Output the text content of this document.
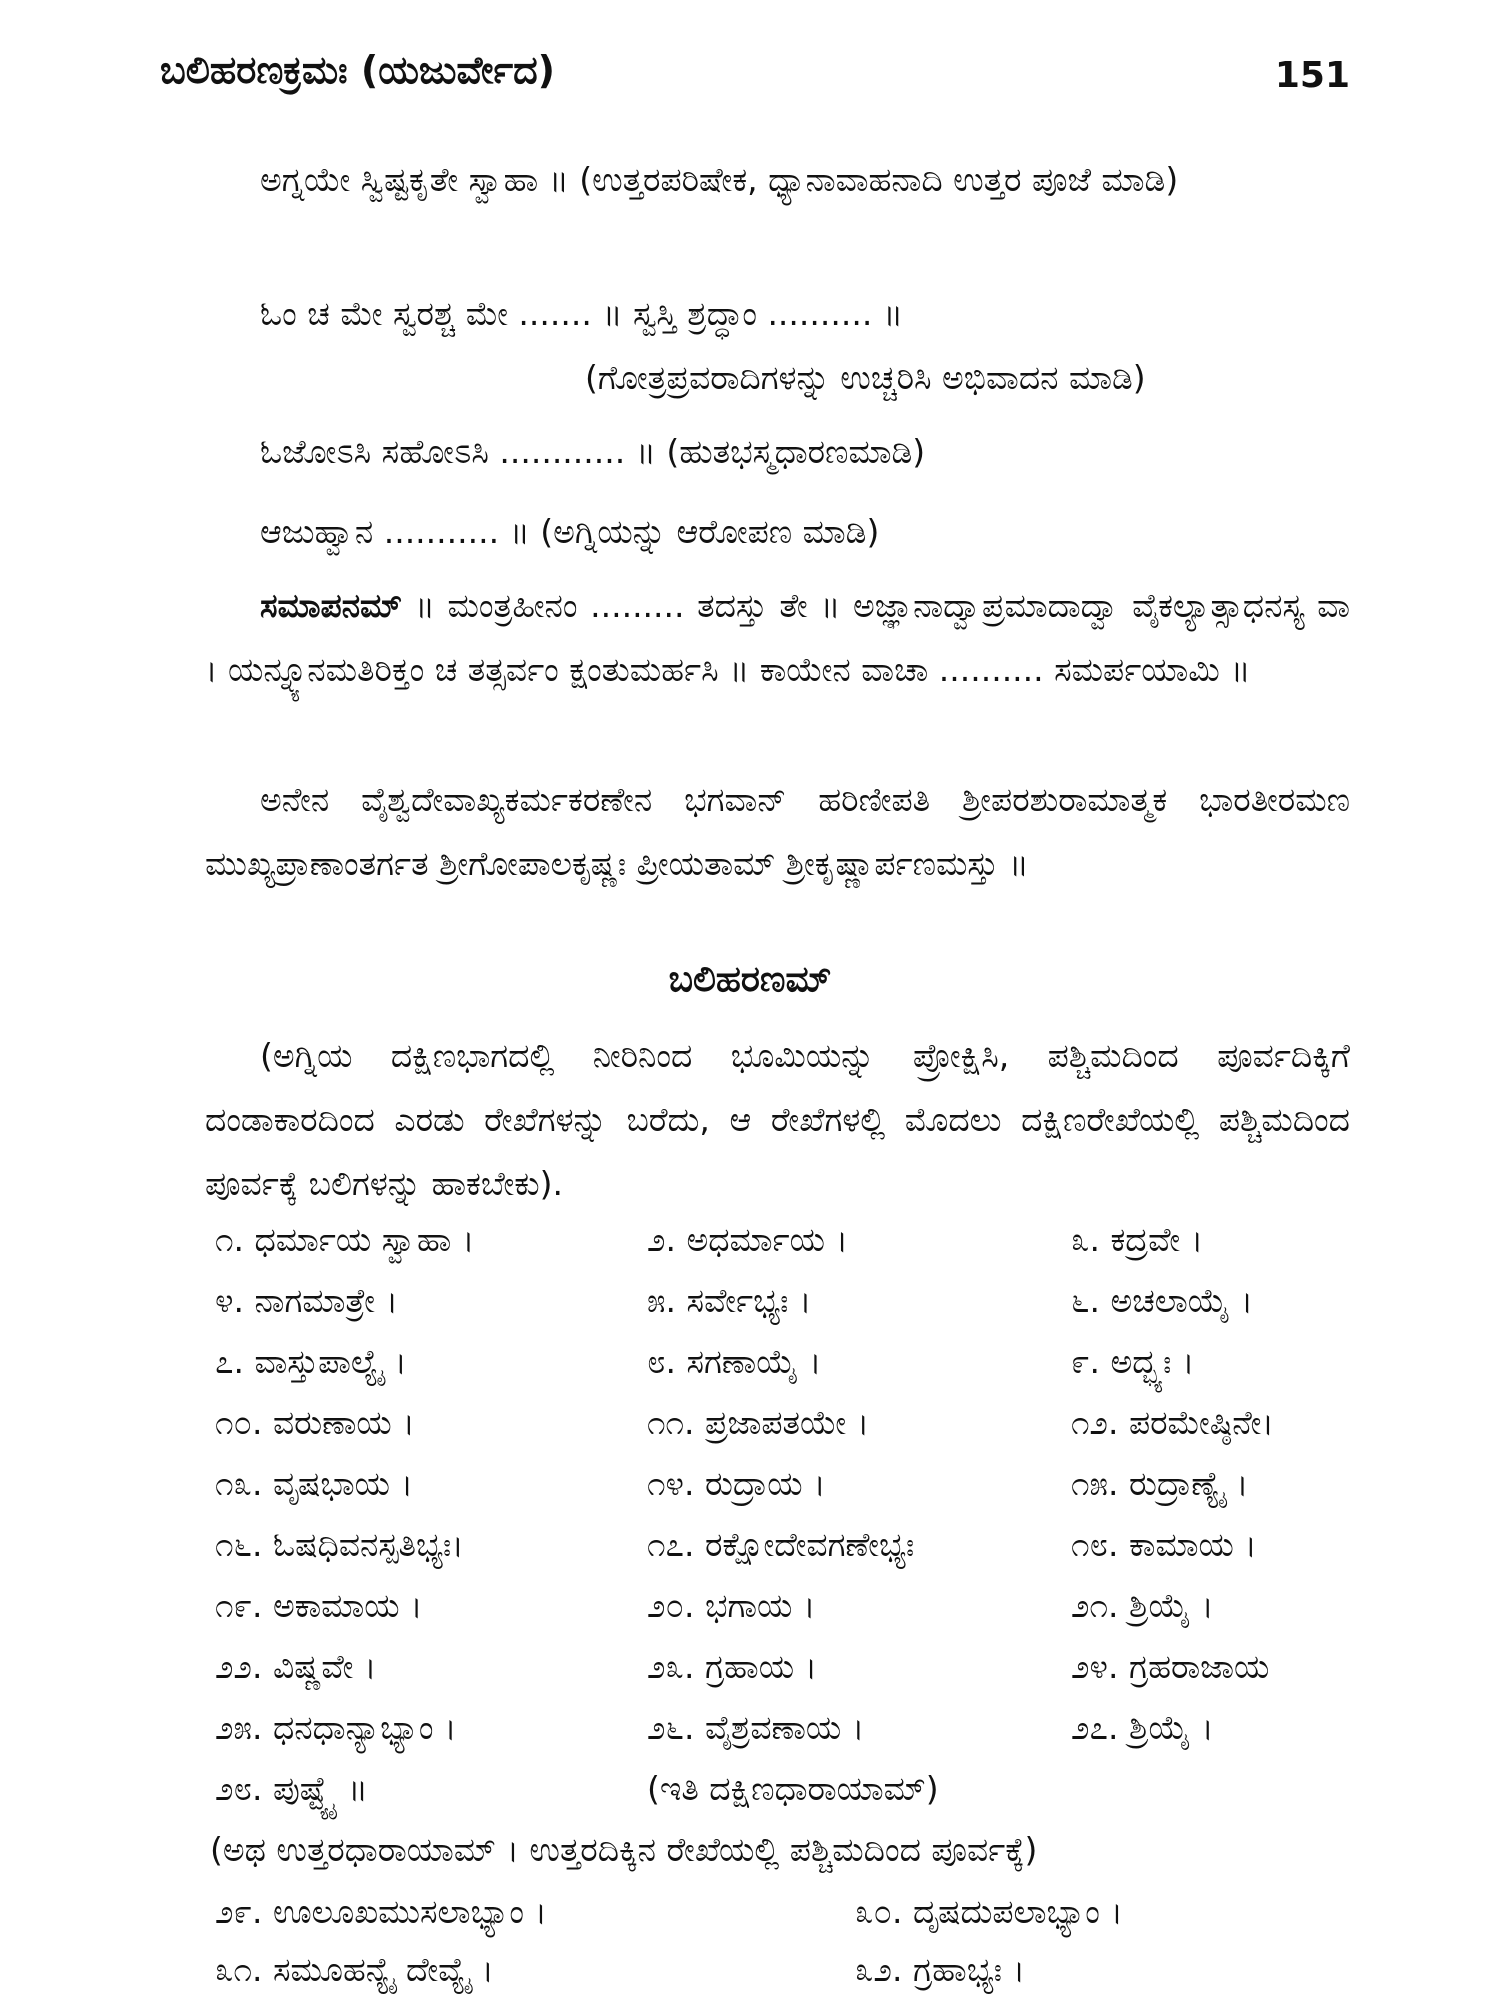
ಬಲಿಹರಣಕ್ರಮಃ (ಯಜುರ್ವೇದ)	151
ಅಗ್ನಯೇ ಸ್ವಿಷ್ಟಕೃತೇ ಸ್ವಾಹಾ ॥ (ಉತ್ತರಪರಿಷೇಕ, ಧ್ಯಾನಾವಾಹನಾದಿ ಉತ್ತರ ಪೂಜೆ ಮಾಡಿ)
ಓಂ ಚ ಮೇ ಸ್ವರಶ್ಚ ಮೇ ....... ॥ ಸ್ವಸ್ತಿ ಶ್ರದ್ಧಾಂ .......... ॥
(ಗೋತ್ರಪ್ರವರಾದಿಗಳನ್ನು ಉಚ್ಚರಿಸಿ ಅಭಿವಾದನ ಮಾಡಿ)
ಓಜೋಽಸಿ ಸಹೋಽಸಿ ............ ॥ (ಹುತಭಸ್ಮಧಾರಣಮಾಡಿ)
ಆಜುಹ್ವಾನ ........... ॥ (ಅಗ್ನಿಯನ್ನು ಆರೋಪಣ ಮಾಡಿ)
ಸಮಾಪನಮ್ ॥ ಮಂತ್ರಹೀನಂ ......... ತದಸ್ತು ತೇ ॥ ಅಜ್ಞಾನಾದ್ವಾಪ್ರಮಾದಾದ್ವಾ ವೈಕಲ್ಯಾತ್ಸಾಧನಸ್ಯ ವಾ । ಯನ್ನ್ಯೂನಮತಿರಿಕ್ತಂ ಚ ತತ್ಸರ್ವಂ ಕ್ಷಂತುಮರ್ಹಸಿ ॥ ಕಾಯೇನ ವಾಚಾ .......... ಸಮರ್ಪಯಾಮಿ ॥
ಅನೇನ ವೈಶ್ವದೇವಾಖ್ಯಕರ್ಮಕರಣೇನ ಭಗವಾನ್ ಹರಿಣೀಪತಿ ಶ್ರೀಪರಶುರಾಮಾತ್ಮಕ ಭಾರತೀರಮಣ ಮುಖ್ಯಪ್ರಾಣಾಂತರ್ಗತ ಶ್ರೀಗೋಪಾಲಕೃಷ್ಣಃ ಪ್ರೀಯತಾಮ್ ಶ್ರೀಕೃಷ್ಣಾರ್ಪಣಮಸ್ತು ॥
ಬಲಿಹರಣಮ್
(ಅಗ್ನಿಯ ದಕ್ಷಿಣಭಾಗದಲ್ಲಿ ನೀರಿನಿಂದ ಭೂಮಿಯನ್ನು ಪ್ರೋಕ್ಷಿಸಿ, ಪಶ್ಚಿಮದಿಂದ ಪೂರ್ವದಿಕ್ಕಿಗೆ ದಂಡಾಕಾರದಿಂದ ಎರಡು ರೇಖೆಗಳನ್ನು ಬರೆದು, ಆ ರೇಖೆಗಳಲ್ಲಿ ಮೊದಲು ದಕ್ಷಿಣರೇಖೆಯಲ್ಲಿ ಪಶ್ಚಿಮದಿಂದ ಪೂರ್ವಕ್ಕೆ ಬಲಿಗಳನ್ನು ಹಾಕಬೇಕು).
೧. ಧರ್ಮಾಯ ಸ್ವಾಹಾ ।	೨. ಅಧರ್ಮಾಯ ।	೩. ಕದ್ರವೇ ।
೪. ನಾಗಮಾತ್ರೇ ।	೫. ಸರ್ವೇಭ್ಯಃ ।	೬. ಅಚಲಾಯೈ ।
೭. ವಾಸ್ತುಪಾಲ್ಯೈ ।	೮. ಸಗಣಾಯೈ ।	೯. ಅದ್ಭ್ಯಃ ।
೧೦. ವರುಣಾಯ ।	೧೧. ಪ್ರಜಾಪತಯೇ ।	೧೨. ಪರಮೇಷ್ಠಿನೇ।
೧೩. ವೃಷಭಾಯ ।	೧೪. ರುದ್ರಾಯ ।	೧೫. ರುದ್ರಾಣ್ಯೈ ।
೧೬. ಓಷಧಿವನಸ್ಪತಿಭ್ಯಃ।	೧೭. ರಕ್ಷೋದೇವಗಣೇಭ್ಯಃ	೧೮. ಕಾಮಾಯ ।
೧೯. ಅಕಾಮಾಯ ।	೨೦. ಭಗಾಯ ।	೨೧. ಶ್ರಿಯೈ ।
೨೨. ವಿಷ್ಣವೇ ।	೨೩. ಗ್ರಹಾಯ ।	೨೪. ಗ್ರಹರಾಜಾಯ
೨೫. ಧನಧಾನ್ಯಾಭ್ಯಾಂ ।	೨೬. ವೈಶ್ರವಣಾಯ ।	೨೭. ಶ್ರಿಯೈ ।
೨೮. ಪುಷ್ಟ್ಯೈ ॥	(ಇತಿ ದಕ್ಷಿಣಧಾರಾಯಾಮ್)
(ಅಥ ಉತ್ತರಧಾರಾಯಾಮ್ । ಉತ್ತರದಿಕ್ಕಿನ ರೇಖೆಯಲ್ಲಿ ಪಶ್ಚಿಮದಿಂದ ಪೂರ್ವಕ್ಕೆ)
೨೯. ಊಲೂಖಮುಸಲಾಭ್ಯಾಂ ।	೩೦. ದೃಷದುಪಲಾಭ್ಯಾಂ ।
೩೧. ಸಮೂಹನ್ಯೈ ದೇವ್ಯೈ ।	೩೨. ಗ್ರಹಾಭ್ಯಃ ।
